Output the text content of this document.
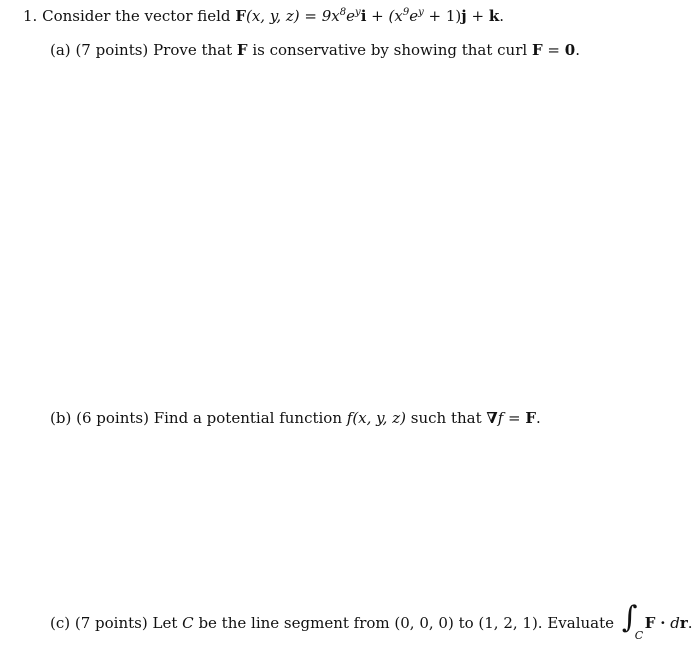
1. Consider the vector field F(x, y, $z) = 9x^8e^yi + (x^9e^y + 1)j + k$.
(a) (7 points) Prove that F is conservative by showing that curl F = 0.
(b) (6 points) Find a potential function f(x, y, z) such that ∇f = F.
(c) (7 points) Let C be the line segment from (0, 0, 0) to (1, 2, 1). Evaluate ∫
C
F · dr.
